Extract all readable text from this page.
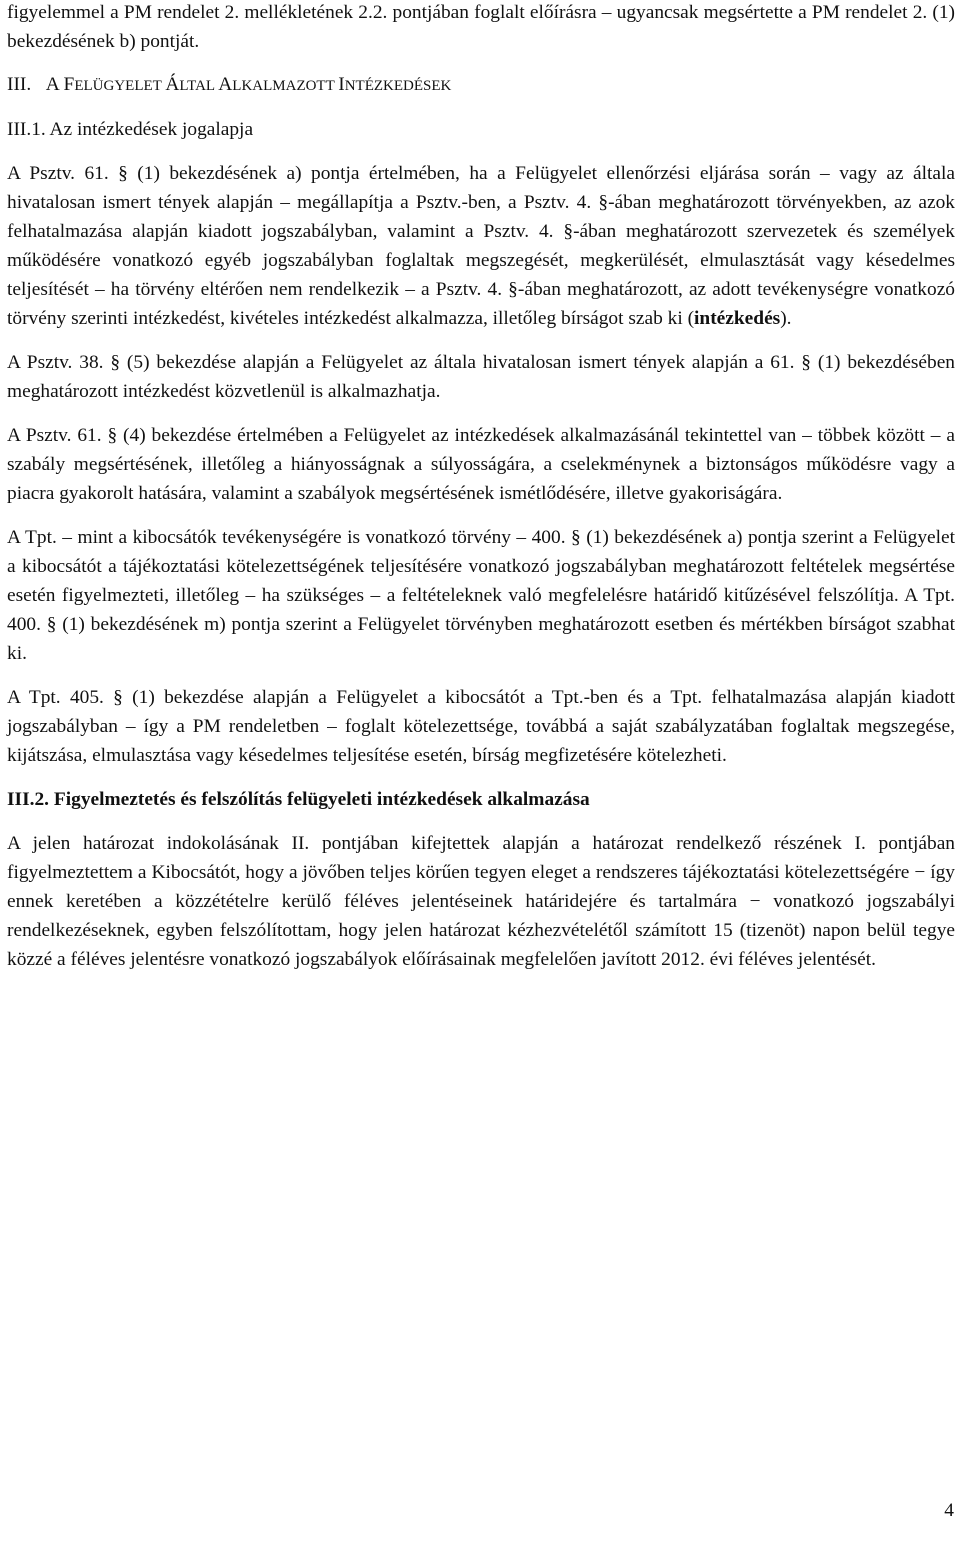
figyelemmel a PM rendelet 2. mellékletének 2.2. pontjában foglalt előírásra – ugyancsak megsértette a PM rendelet 2. (1) bekezdésének b) pontját.

III. A FELÜGYELET ÁLTAL ALKALMAZOTT INTÉZKEDÉSEK

III.1. Az intézkedések jogalapja

A Psztv. 61. § (1) bekezdésének a) pontja értelmében, ha a Felügyelet ellenőrzési eljárása során – vagy az általa hivatalosan ismert tények alapján – megállapítja a Psztv.-ben, a Psztv. 4. §-ában meghatározott törvényekben, az azok felhatalmazása alapján kiadott jogszabályban, valamint a Psztv. 4. §-ában meghatározott szervezetek és személyek működésére vonatkozó egyéb jogszabályban foglaltak megszegését, megkerülését, elmulasztását vagy késedelmes teljesítését – ha törvény eltérően nem rendelkezik – a Psztv. 4. §-ában meghatározott, az adott tevékenységre vonatkozó törvény szerinti intézkedést, kivételes intézkedést alkalmazza, illetőleg bírságot szab ki (intézkedés).

A Psztv. 38. § (5) bekezdése alapján a Felügyelet az általa hivatalosan ismert tények alapján a 61. § (1) bekezdésében meghatározott intézkedést közvetlenül is alkalmazhatja.

A Psztv. 61. § (4) bekezdése értelmében a Felügyelet az intézkedések alkalmazásánál tekintettel van – többek között – a szabály megsértésének, illetőleg a hiányosságnak a súlyosságára, a cselekménynek a biztonságos működésre vagy a piacra gyakorolt hatására, valamint a szabályok megsértésének ismétlődésére, illetve gyakoriságára.

A Tpt. – mint a kibocsátók tevékenységére is vonatkozó törvény – 400. § (1) bekezdésének a) pontja szerint a Felügyelet a kibocsátót a tájékoztatási kötelezettségének teljesítésére vonatkozó jogszabályban meghatározott feltételek megsértése esetén figyelmezteti, illetőleg – ha szükséges – a feltételeknek való megfelelésre határidő kitűzésével felszólítja. A Tpt. 400. § (1) bekezdésének m) pontja szerint a Felügyelet törvényben meghatározott esetben és mértékben bírságot szabhat ki.

A Tpt. 405. § (1) bekezdése alapján a Felügyelet a kibocsátót a Tpt.-ben és a Tpt. felhatalmazása alapján kiadott jogszabályban – így a PM rendeletben – foglalt kötelezettsége, továbbá a saját szabályzatában foglaltak megszegése, kijátszása, elmulasztása vagy késedelmes teljesítése esetén, bírság megfizetésére kötelezheti.

III.2. Figyelmeztetés és felszólítás felügyeleti intézkedések alkalmazása

A jelen határozat indokolásának II. pontjában kifejtettek alapján a határozat rendelkező részének I. pontjában figyelmeztettem a Kibocsátót, hogy a jövőben teljes körűen tegyen eleget a rendszeres tájékoztatási kötelezettségére − így ennek keretében a közzétételre kerülő féléves jelentéseinek határidejére és tartalmára − vonatkozó jogszabályi rendelkezéseknek, egyben felszólítottam, hogy jelen határozat kézhezvételétől számított 15 (tizenöt) napon belül tegye közzé a féléves jelentésre vonatkozó jogszabályok előírásainak megfelelően javított 2012. évi féléves jelentését.

4
